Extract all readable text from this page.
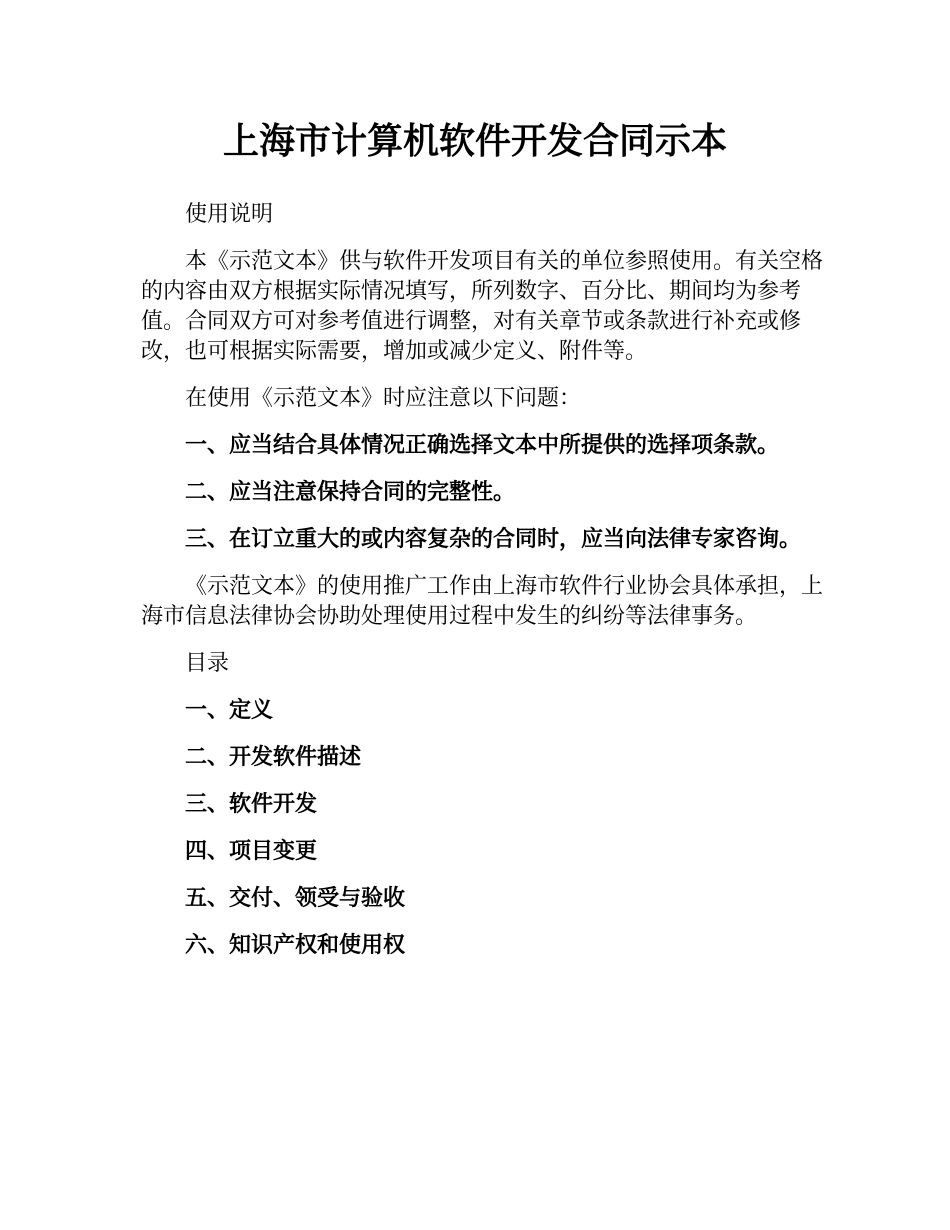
上海市计算机软件开发合同示本

使用说明

本《示范文本》供与软件开发项目有关的单位参照使用。有关空格的内容由双方根据实际情况填写，所列数字、百分比、期间均为参考值。合同双方可对参考值进行调整，对有关章节或条款进行补充或修改，也可根据实际需要，增加或减少定义、附件等。

在使用《示范文本》时应注意以下问题：

一、应当结合具体情况正确选择文本中所提供的选择项条款。

二、应当注意保持合同的完整性。

三、在订立重大的或内容复杂的合同时，应当向法律专家咨询。

《示范文本》的使用推广工作由上海市软件行业协会具体承担，上海市信息法律协会协助处理使用过程中发生的纠纷等法律事务。

目录

一、定义

二、开发软件描述

三、软件开发

四、项目变更

五、交付、领受与验收

六、知识产权和使用权
